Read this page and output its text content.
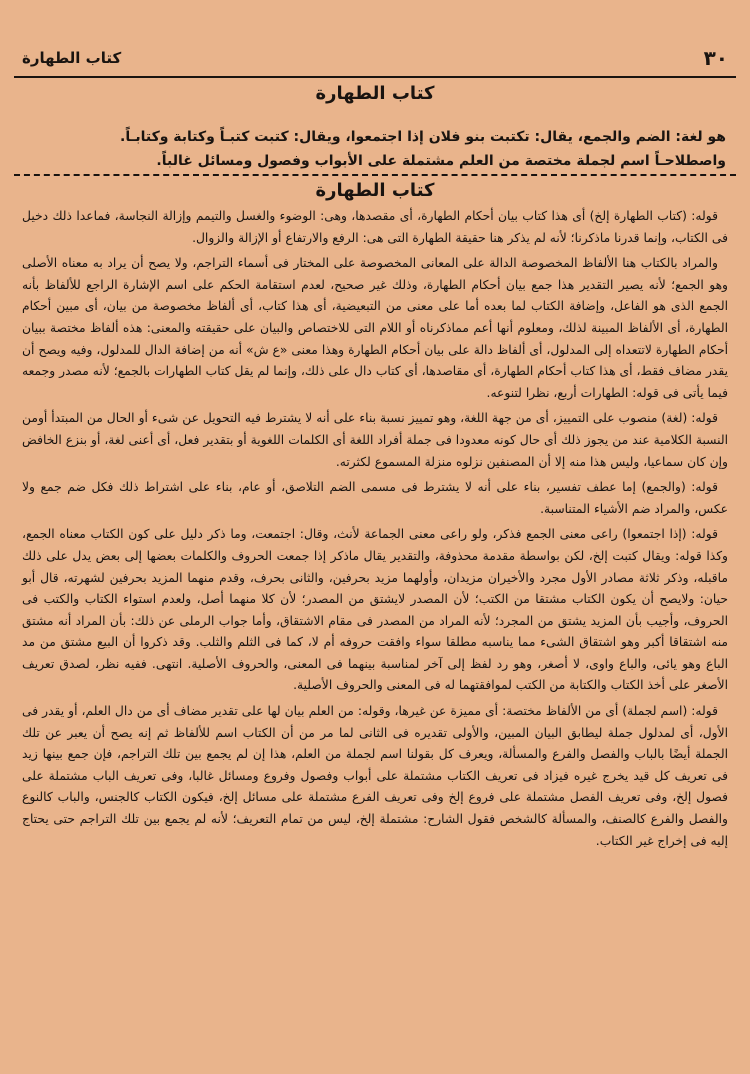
٣٠
كتاب الطهارة
كتاب الطهارة

هو لغة: الضم والجمع، يقال: تكتبت بنو فلان إذا اجتمعوا، ويقال: كتبت كتبـاً وكتابة وكتابـاً.

واصطلاحـاً اسم لجملة مختصة من العلم مشتملة على الأبواب وفصول ومسائل غالباً.

كتاب الطهارة

قوله: (كتاب الطهارة إلخ) أى هذا كتاب بيان أحكام الطهارة، أى مقصدها، وهى: الوضوء والغسل والتيمم وإزالة النجاسة، فماعدا ذلك دخيل فى الكتاب، وإنما قدرنا ماذكرنا؛ لأنه لم يذكر هنا حقيقة الطهارة التى هى: الرفع والارتفاع أو الإزالة والزوال.

والمراد بالكتاب هنا الألفاظ المخصوصة الدالة على المعانى المخصوصة على المختار فى أسماء التراجم، ولا يصح أن يراد به معناه الأصلى وهو الجمع؛ لأنه يصير التقدير هذا جمع بيان أحكام الطهارة، وذلك غير صحيح، لعدم استقامة الحكم على اسم الإشارة الراجع للألفاظ بأنه الجمع الذى هو الفاعل، وإضافة الكتاب لما بعده أما على معنى من التبعيضية، أى هذا كتاب، أى ألفاظ مخصوصة من بيان، أى مبين أحكام الطهارة، أى الألفاظ المبينة لذلك، ومعلوم أنها أعم مماذكرناه أو اللام التى للاختصاص والبيان على حقيقته والمعنى: هذه ألفاظ مختصة ببيان أحكام الطهارة لاتتعداه إلى المدلول، أى ألفاظ دالة على بيان أحكام الطهارة وهذا معنى «ع ش» أنه من إضافة الدال للمدلول، وفيه ويصح أن يقدر مضاف فقط، أى هذا كتاب أحكام الطهارة، أى مقاصدها، أى كتاب دال على ذلك، وإنما لم يقل كتاب الطهارات بالجمع؛ لأنه مصدر وجمعه فيما يأتى فى قوله: الطهارات أربع، نظرا لتنوعه.

قوله: (لغة) منصوب على التمييز، أى من جهة اللغة، وهو تمييز نسبة بناء على أنه لا يشترط فيه التحويل عن شىء أو الحال من المبتدأ أومن النسبة الكلامية عند من يجوز ذلك أى حال كونه معدودا فى جملة أفراد اللغة أى الكلمات اللغوية أو بتقدير فعل، أى أعنى لغة، أو بنزع الخافض وإن كان سماعيا، وليس هذا منه إلا أن المصنفين نزلوه منزلة المسموع لكثرته.

قوله: (والجمع) إما عطف تفسير، بناء على أنه لا يشترط فى مسمى الضم التلاصق، أو عام، بناء على اشتراط ذلك فكل ضم جمع ولا عكس، والمراد ضم الأشياء المتناسبة.

قوله: (إذا اجتمعوا) راعى معنى الجمع فذكر، ولو راعى معنى الجماعة لأنث، وقال: اجتمعت، وما ذكر دليل على كون الكتاب معناه الجمع، وكذا قوله: ويقال كتبت إلخ، لكن بواسطة مقدمة محذوفة، والتقدير يقال ماذكر إذا جمعت الحروف والكلمات بعضها إلى بعض يدل على ذلك ماقبله، وذكر ثلاثة مصادر الأول مجرد والأخيران مزيدان، وأولهما مزيد بحرفين، والثانى بحرف، وقدم منهما المزيد بحرفين لشهرته، قال أبو حيان: ولايصح أن يكون الكتاب مشتقا من الكتب؛ لأن المصدر لايشتق من المصدر؛ لأن كلا منهما أصل، ولعدم استواء الكتاب والكتب فى الحروف، وأجيب بأن المزيد يشتق من المجرد؛ لأنه المراد من المصدر فى مقام الاشتقاق، وأما جواب الرملى عن ذلك: بأن المراد أنه مشتق منه اشتقاقا أكبر وهو اشتقاق الشىء مما يناسبه مطلقا سواء وافقت حروفه أم لا، كما فى الثلم والثلب. وقد ذكروا أن البيع مشتق من مد الباع وهو يائى، والباع واوى، لا أصغر، وهو رد لفظ إلى آخر لمناسبة بينهما فى المعنى، والحروف الأصلية. انتهى. ففيه نظر، لصدق تعريف الأصغر على أخذ الكتاب والكتابة من الكتب لموافقتهما له فى المعنى والحروف الأصلية.

قوله: (اسم لجملة) أى من الألفاظ مختصة: أى مميزة عن غيرها، وقوله: من العلم بيان لها على تقدير مضاف أى من دال العلم، أو يقدر فى الأول، أى لمدلول جملة ليطابق البيان المبين، والأولى تقديره فى الثانى لما مر من أن الكتاب اسم للألفاظ ثم إنه يصح أن يعبر عن تلك الجملة أيضًا بالباب والفصل والفرع والمسألة، ويعرف كل بقولنا اسم لجملة من العلم، هذا إن لم يجمع بين تلك التراجم، فإن جمع بينها زيد فى تعريف كل قيد يخرج غيره فيزاد فى تعريف الكتاب مشتملة على أبواب وفصول وفروع ومسائل غالبا، وفى تعريف الباب مشتملة على فصول إلخ، وفى تعريف الفصل مشتملة على فروع إلخ وفى تعريف الفرع مشتملة على مسائل إلخ، فيكون الكتاب كالجنس، والباب كالنوع والفصل والفرع كالصنف، والمسألة كالشخص فقول الشارح: مشتملة إلخ، ليس من تمام التعريف؛ لأنه لم يجمع بين تلك التراجم حتى يحتاج إليه فى إخراج غير الكتاب.
